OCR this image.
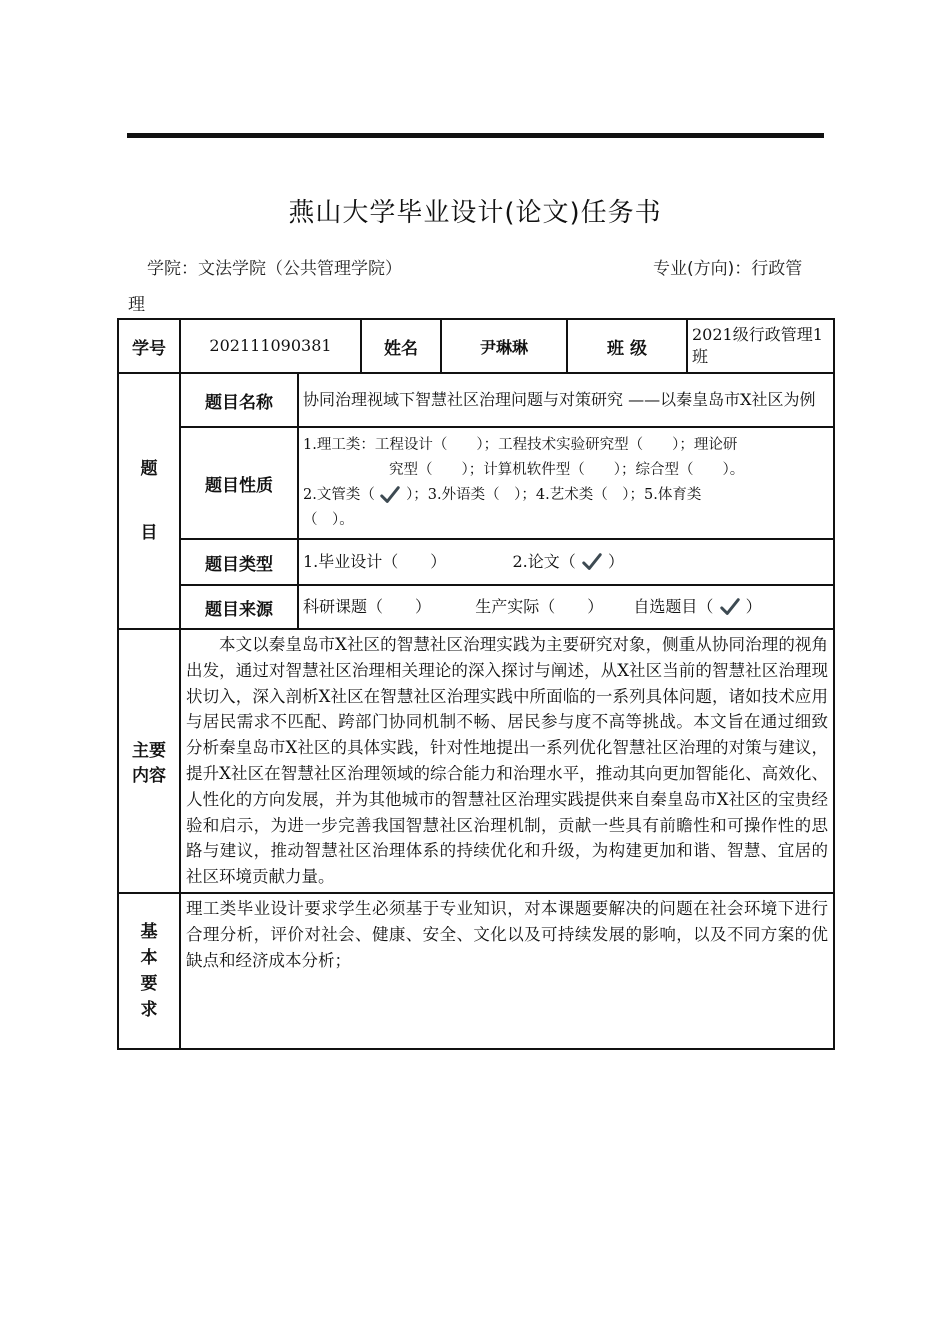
燕山大学毕业设计(论文)任务书
学院：文法学院（公共管理学院）	专业(方向)：行政管
理
学号	202111090381		姓名	尹琳琳	班 级	2021级行政管理1班

题
目	题目名称	协同治理视域下智慧社区治理问题与对策研究 ——以秦皇岛市X社区为例				
	题目性质	1.理工类：工程设计（　　）；工程技术实验研究型（　　）；理论研
究型（　　）；计算机软件型（　　）；综合型（　　）。
2.文管类（ ）；3.外语类（　）；4.艺术类（　）；5.体育类
（　）。				

	题目类型	1.毕业设计（　　） 2.论文（ ）				
	题目来源	科研课题（　　） 生产实际（　　） 自选题目（ ）				

主要
内容	本文以秦皇岛市X社区的智慧社区治理实践为主要研究对象，侧重从协同治理的视角出发，通过对智慧社区治理相关理论的深入探讨与阐述，从X社区当前的智慧社区治理现状切入，深入剖析X社区在智慧社区治理实践中所面临的一系列具体问题，诸如技术应用与居民需求不匹配、跨部门协同机制不畅、居民参与度不高等挑战。本文旨在通过细致分析秦皇岛市X社区的具体实践，针对性地提出一系列优化智慧社区治理的对策与建议，提升X社区在智慧社区治理领域的综合能力和治理水平，推动其向更加智能化、高效化、人性化的方向发展，并为其他城市的智慧社区治理实践提供来自秦皇岛市X社区的宝贵经验和启示，为进一步完善我国智慧社区治理机制，贡献一些具有前瞻性和可操作性的思路与建议，推动智慧社区治理体系的持续优化和升级，为构建更加和谐、智慧、宜居的社区环境贡献力量。					

基
本
要
求	理工类毕业设计要求学生必须基于专业知识，对本课题要解决的问题在社会环境下进行合理分析，评价对社会、健康、安全、文化以及可持续发展的影响，以及不同方案的优缺点和经济成本分析；					
